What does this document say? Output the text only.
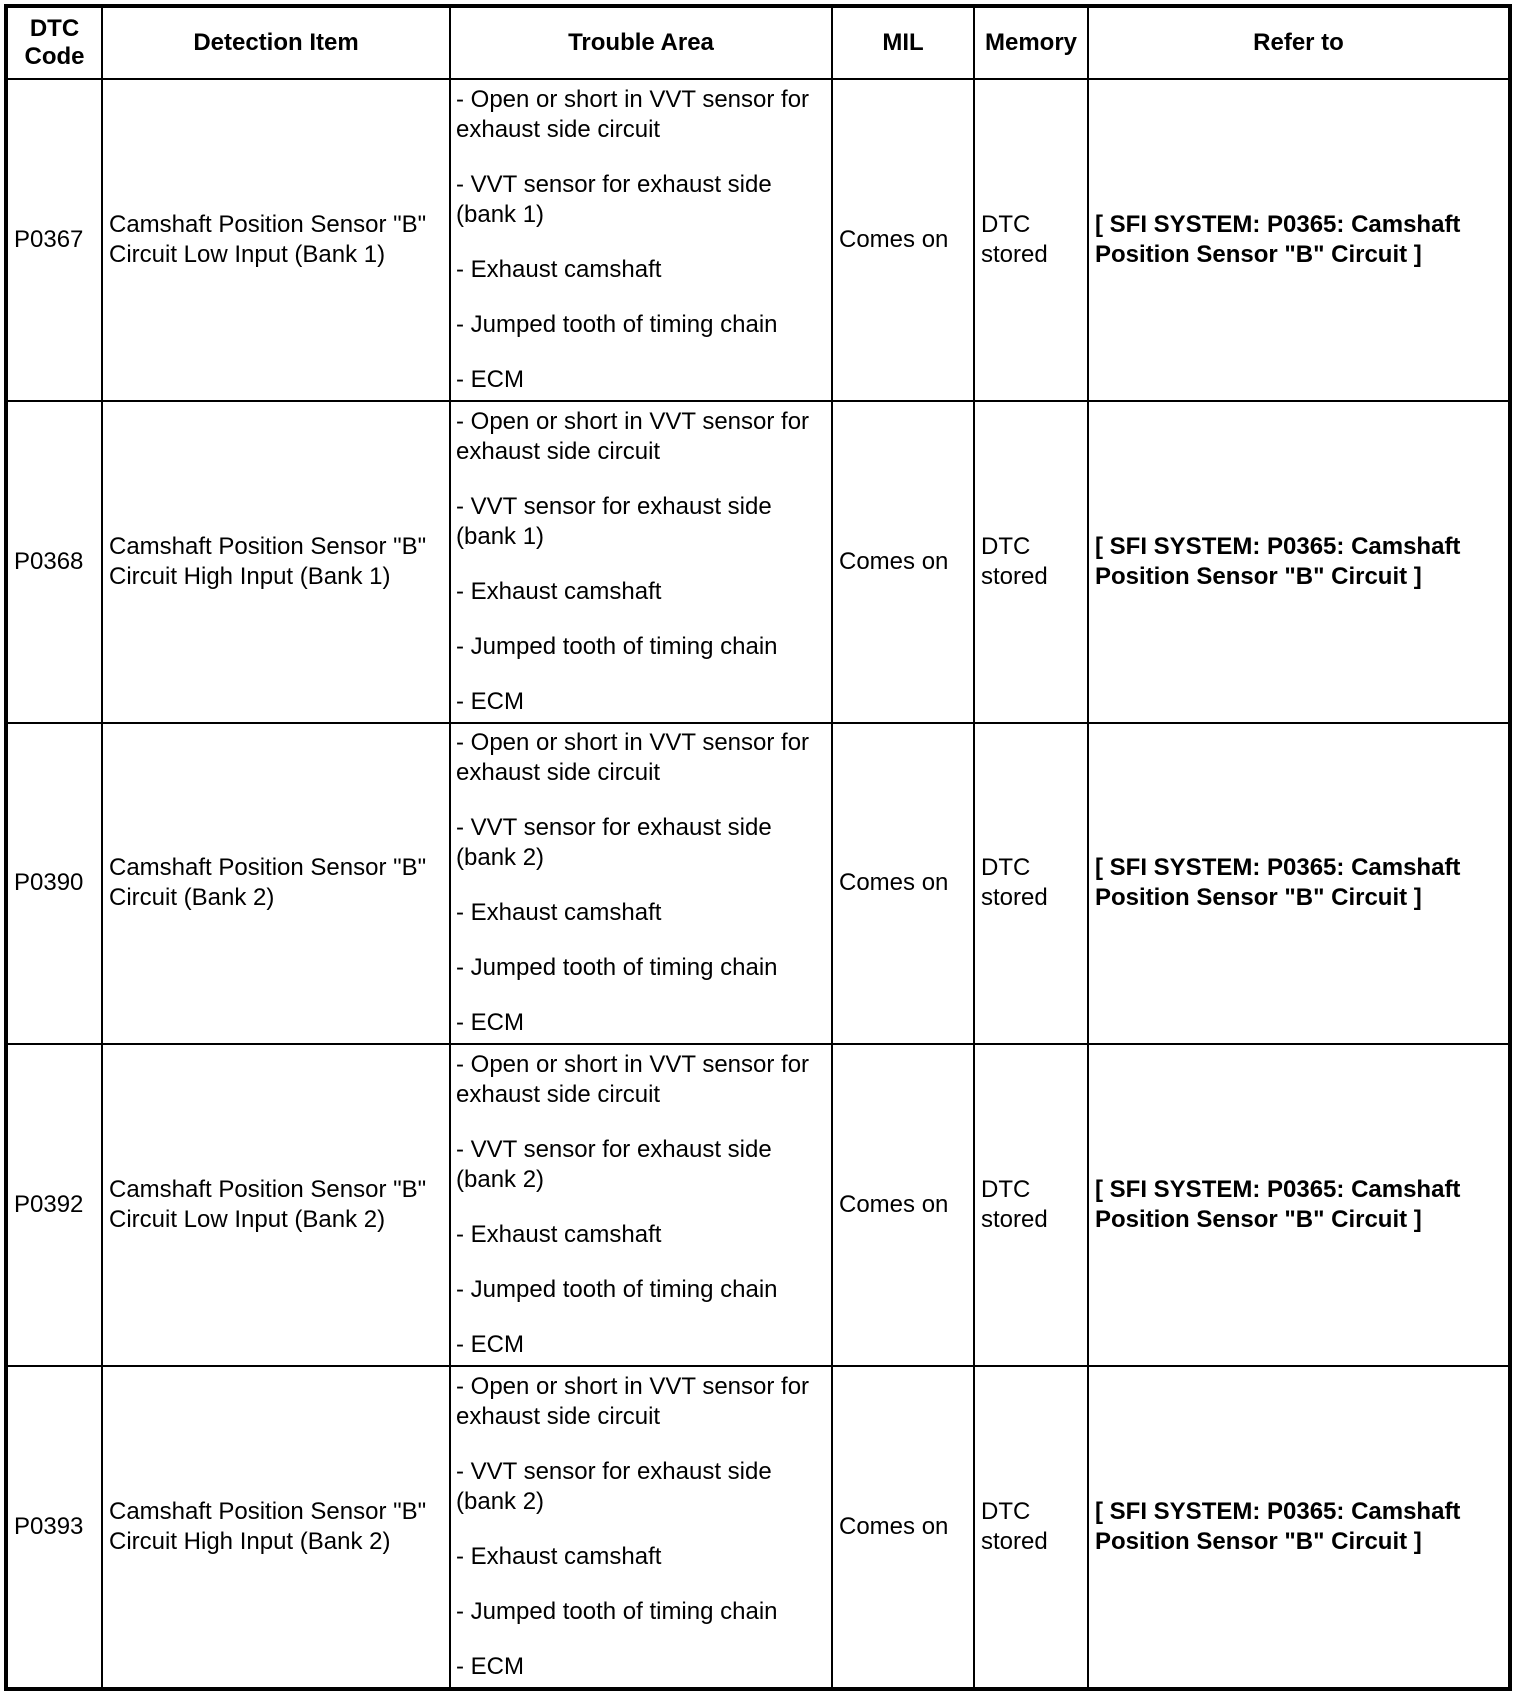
DTC Code	Detection Item	Trouble Area	MIL	Memory	Refer to
P0367	Camshaft Position Sensor "B" Circuit Low Input (Bank 1)	- Open or short in VVT sensor for exhaust side circuit
- VVT sensor for exhaust side (bank 1)
- Exhaust camshaft
- Jumped tooth of timing chain
- ECM	Comes on	DTC stored	[ SFI SYSTEM: P0365: Camshaft Position Sensor "B" Circuit ]
P0368	Camshaft Position Sensor "B" Circuit High Input (Bank 1)	- Open or short in VVT sensor for exhaust side circuit
- VVT sensor for exhaust side (bank 1)
- Exhaust camshaft
- Jumped tooth of timing chain
- ECM	Comes on	DTC stored	[ SFI SYSTEM: P0365: Camshaft Position Sensor "B" Circuit ]
P0390	Camshaft Position Sensor "B" Circuit (Bank 2)	- Open or short in VVT sensor for exhaust side circuit
- VVT sensor for exhaust side (bank 2)
- Exhaust camshaft
- Jumped tooth of timing chain
- ECM	Comes on	DTC stored	[ SFI SYSTEM: P0365: Camshaft Position Sensor "B" Circuit ]
P0392	Camshaft Position Sensor "B" Circuit Low Input (Bank 2)	- Open or short in VVT sensor for exhaust side circuit
- VVT sensor for exhaust side (bank 2)
- Exhaust camshaft
- Jumped tooth of timing chain
- ECM	Comes on	DTC stored	[ SFI SYSTEM: P0365: Camshaft Position Sensor "B" Circuit ]
P0393	Camshaft Position Sensor "B" Circuit High Input (Bank 2)	- Open or short in VVT sensor for exhaust side circuit
- VVT sensor for exhaust side (bank 2)
- Exhaust camshaft
- Jumped tooth of timing chain
- ECM	Comes on	DTC stored	[ SFI SYSTEM: P0365: Camshaft Position Sensor "B" Circuit ]
